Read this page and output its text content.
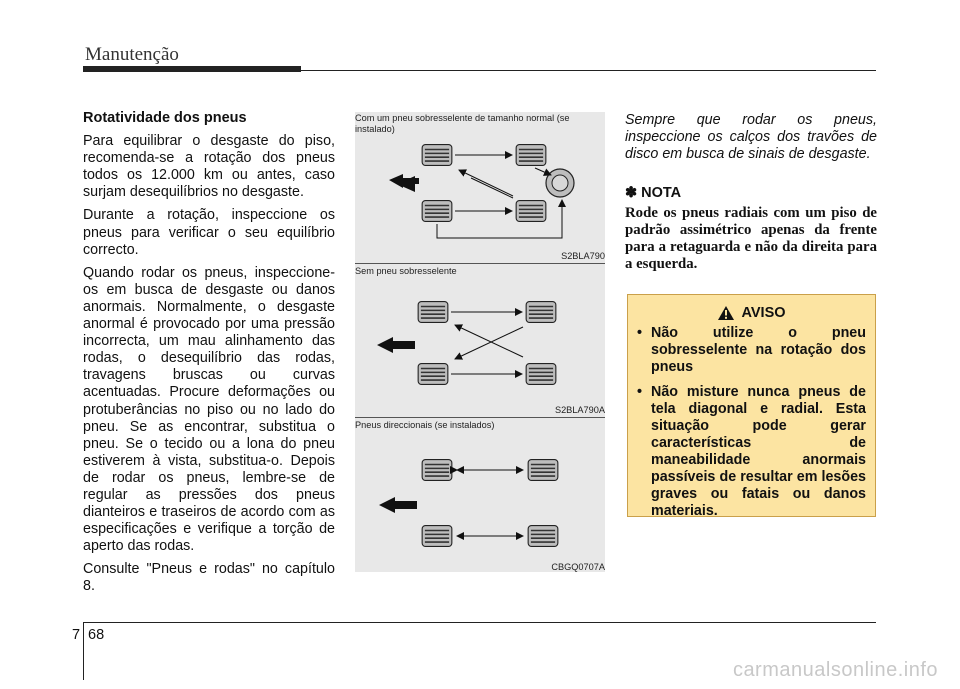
Manutenção
Rotatividade dos pneus

Para equilibrar o desgaste do piso, recomenda-se a rotação dos pneus todos os 12.000 km ou antes, caso surjam desequilíbrios no desgaste.

Durante a rotação, inspeccione os pneus para verificar o seu equilíbrio correcto.

Quando rodar os pneus, inspeccione-os em busca de desgaste ou danos anormais. Normalmente, o desgaste anormal é provocado por uma pressão incorrecta, um mau alinhamento das rodas, o desequilíbrio das rodas, travagens bruscas ou curvas acentuadas. Procure deformações ou protuberâncias no piso ou no lado do pneu. Se as encontrar, substitua o pneu. Se o tecido ou a lona do pneu estiverem à vista, substitua-o. Depois de rodar os pneus, lembre-se de regular as pressões dos pneus dianteiros e traseiros de acordo com as especificações e verifique a torção de aperto das rodas.

Consulte "Pneus e rodas" no capítulo 8.

Com um pneu sobresselente de tamanho normal (se instalado)
S2BLA790
Sem pneu sobresselente
S2BLA790A
Pneus direccionais (se instalados)
CBGQ0707A

Sempre que rodar os pneus, inspeccione os calços dos travões de disco em busca de sinais de desgaste.

✽ NOTA

Rode os pneus radiais com um piso de padrão assimétrico apenas da frente para a retaguarda e não da direita para a esquerda.

AVISO
• Não utilize o pneu sobresselente na rotação dos pneus
• Não misture nunca pneus de tela diagonal e radial. Esta situação pode gerar características de maneabilidade anormais passíveis de resultar em lesões graves ou fatais ou danos materiais.
7 68
carmanualsonline.info
